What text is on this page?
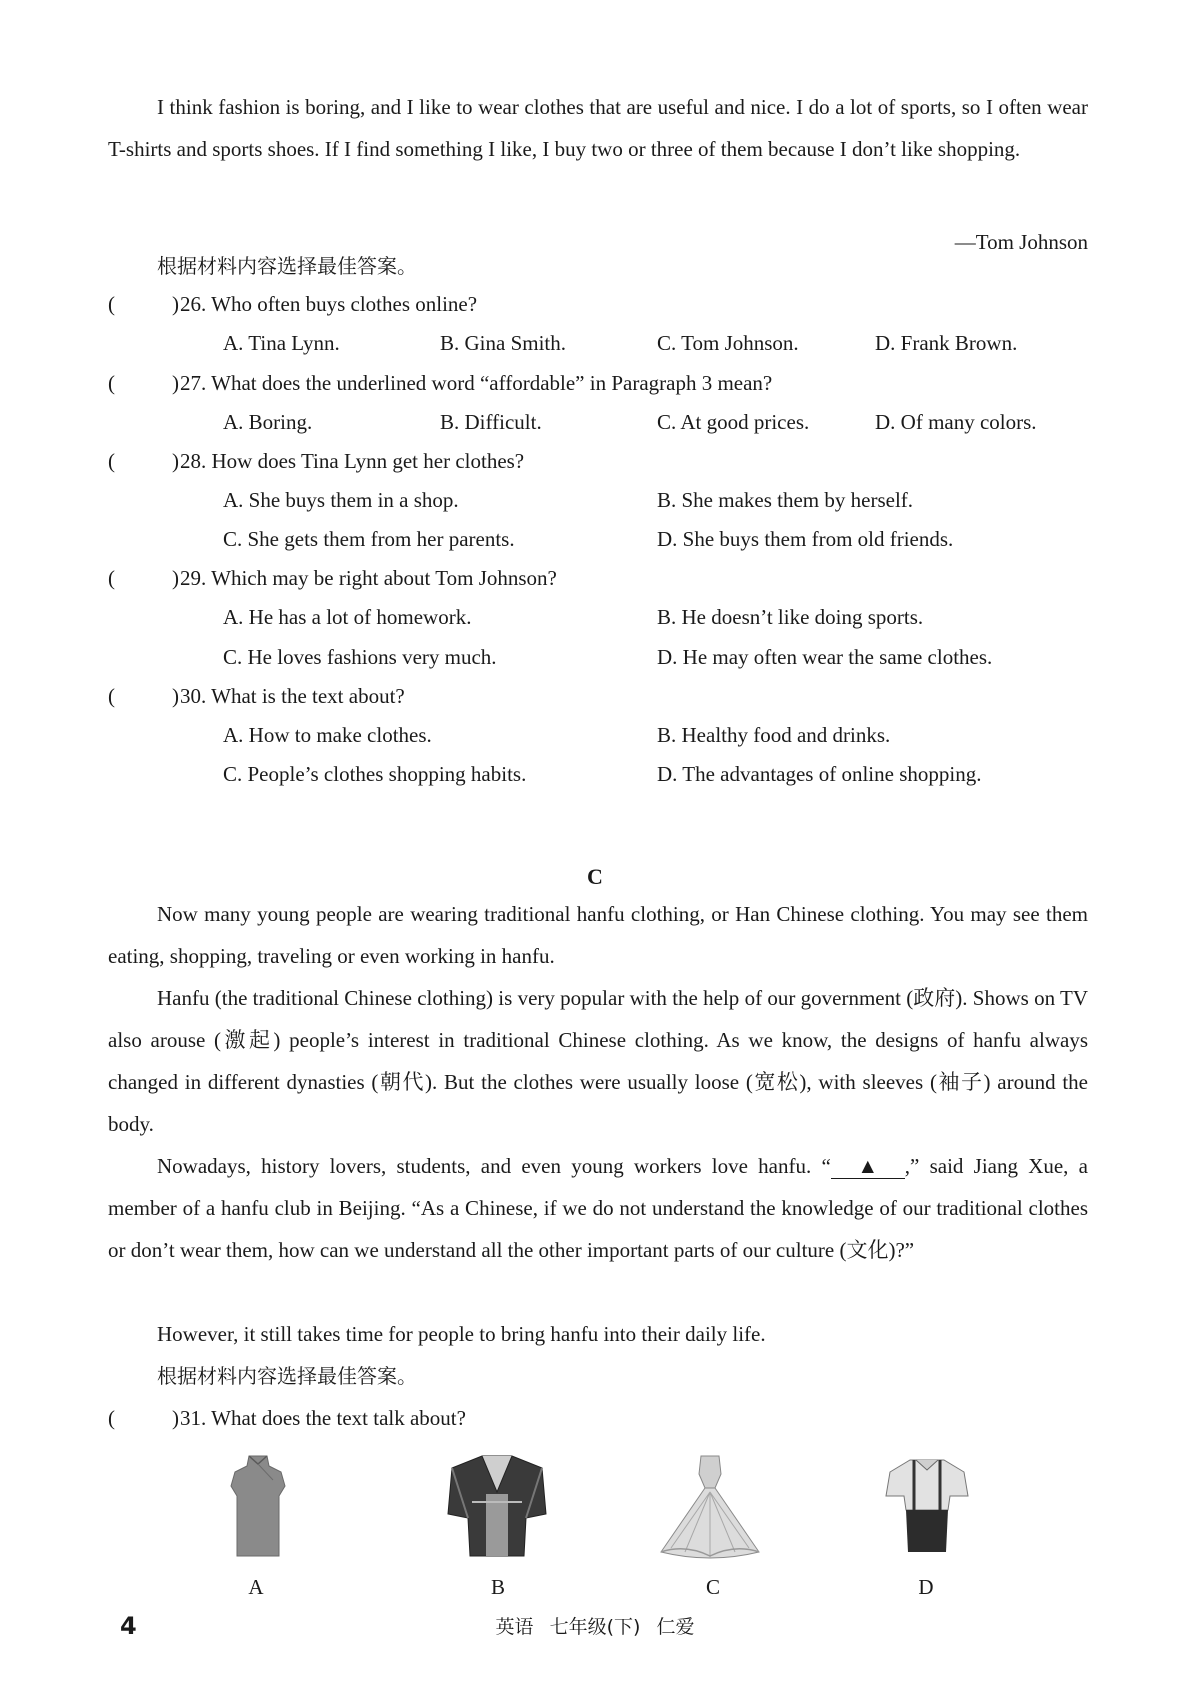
I think fashion is boring, and I like to wear clothes that are useful and nice. I do a lot of sports, so I often wear T-shirts and sports shoes. If I find something I like, I buy two or three of them because I don’t like shopping.

—Tom Johnson
根据材料内容选择最佳答案。
(	) 26. Who often buys clothes online?
A. Tina Lynn.	B. Gina Smith.	C. Tom Johnson.	D. Frank Brown.
(	) 27. What does the underlined word “affordable” in Paragraph 3 mean?
A. Boring.	B. Difficult.	C. At good prices.	D. Of many colors.
(	) 28. How does Tina Lynn get her clothes?
A. She buys them in a shop.	B. She makes them by herself.
C. She gets them from her parents.	D. She buys them from old friends.
(	) 29. Which may be right about Tom Johnson?
A. He has a lot of homework.	B. He doesn’t like doing sports.
C. He loves fashions very much.	D. He may often wear the same clothes.
(	) 30. What is the text about?
A. How to make clothes.	B. Healthy food and drinks.
C. People’s clothes shopping habits.	D. The advantages of online shopping.
C

Now many young people are wearing traditional hanfu clothing, or Han Chinese clothing. You may see them eating, shopping, traveling or even working in hanfu.

Hanfu (the traditional Chinese clothing) is very popular with the help of our government (政府). Shows on TV also arouse (激起) people’s interest in traditional Chinese clothing. As we know, the designs of hanfu always changed in different dynasties (朝代). But the clothes were usually loose (宽松), with sleeves (袖子) around the body.

Nowadays, history lovers, students, and even young workers love hanfu. “ ▲ ,” said Jiang Xue, a member of a hanfu club in Beijing. “As a Chinese, if we do not understand the knowledge of our traditional clothes or don’t wear them, how can we understand all the other important parts of our culture (文化)?”

However, it still takes time for people to bring hanfu into their daily life.

根据材料内容选择最佳答案。
(	) 31. What does the text talk about?
A	B	C	D
4	英语 七年级(下) 仁爱
